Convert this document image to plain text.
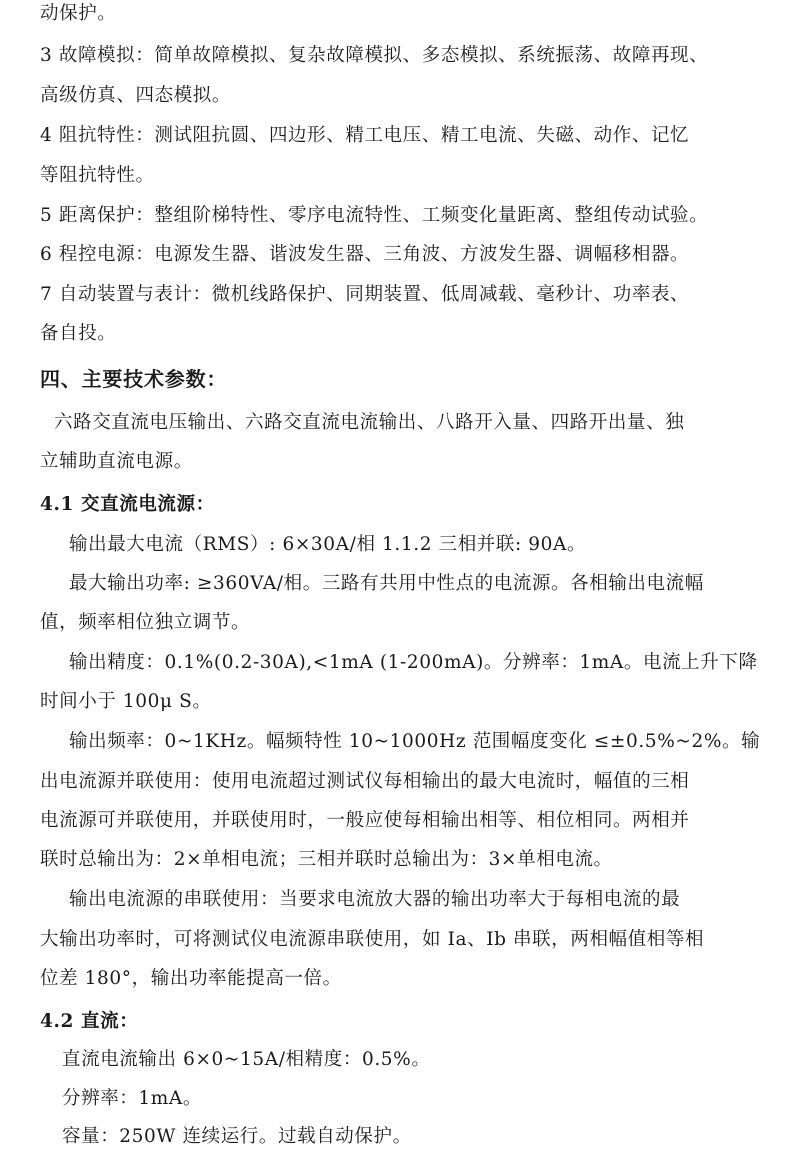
动保护。
3 故障模拟：简单故障模拟、复杂故障模拟、多态模拟、系统振荡、故障再现、
高级仿真、四态模拟。
4 阻抗特性：测试阻抗圆、四边形、精工电压、精工电流、失磁、动作、记忆
等阻抗特性。
5 距离保护：整组阶梯特性、零序电流特性、工频变化量距离、整组传动试验。
6 程控电源：电源发生器、谐波发生器、三角波、方波发生器、调幅移相器。
7 自动装置与表计：微机线路保护、同期装置、低周减载、毫秒计、功率表、
备自投。
四、主要技术参数：
六路交直流电压输出、六路交直流电流输出、八路开入量、四路开出量、独
立辅助直流电源。
4.1 交直流电流源：
输出最大电流（RMS）: 6×30A/相 1.1.2 三相并联: 90A。
最大输出功率: ≥360VA/相。三路有共用中性点的电流源。各相输出电流幅
值，频率相位独立调节。
输出精度：0.1%(0.2-30A),<1mA (1-200mA)。分辨率：1mA。电流上升下降
时间小于 100μ S。
输出频率：0~1KHz。幅频特性 10~1000Hz 范围幅度变化 ≤±0.5%~2%。输
出电流源并联使用：使用电流超过测试仪每相输出的最大电流时，幅值的三相
电流源可并联使用，并联使用时，一般应使每相输出相等、相位相同。两相并
联时总输出为：2×单相电流；三相并联时总输出为：3×单相电流。
输出电流源的串联使用：当要求电流放大器的输出功率大于每相电流的最
大输出功率时，可将测试仪电流源串联使用，如 Ia、Ib 串联，两相幅值相等相
位差 180°，输出功率能提高一倍。
4.2 直流：
直流电流输出 6×0~15A/相精度：0.5%。
分辨率：1mA。
容量：250W 连续运行。过载自动保护。
